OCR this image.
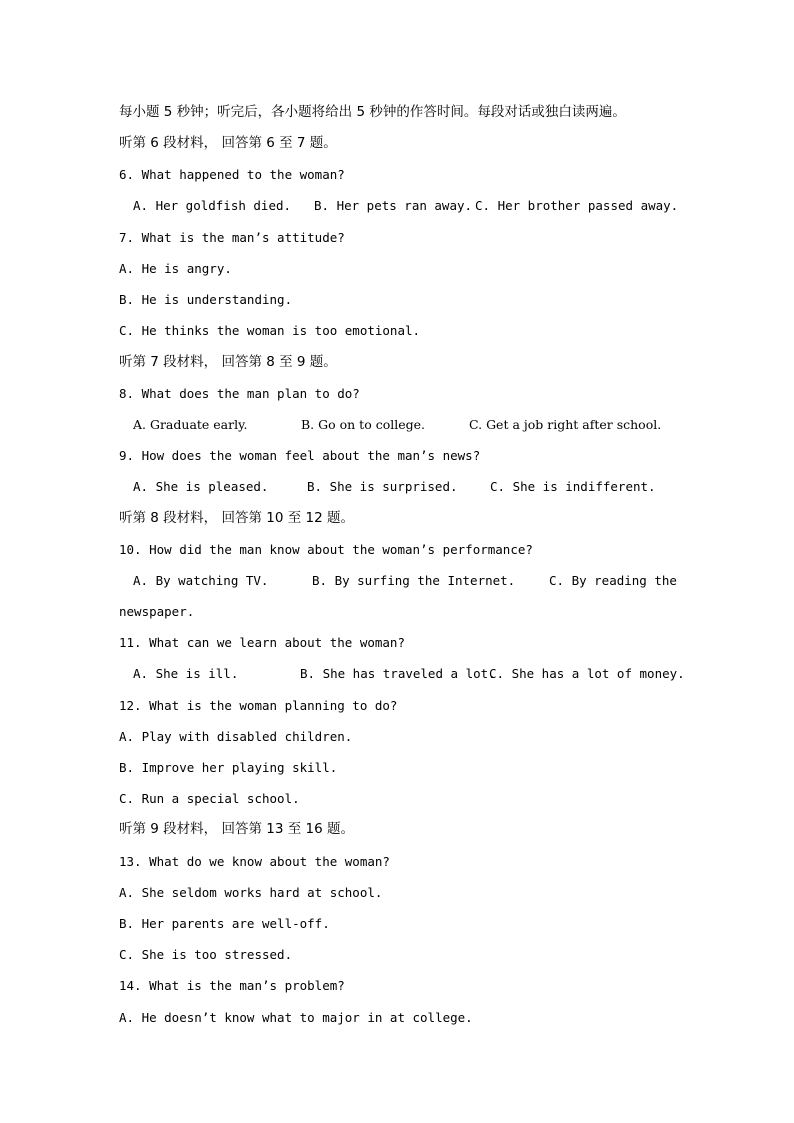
每小题 5 秒钟；听完后，各小题将给出 5 秒钟的作答时间。每段对话或独白读两遍。
听第 6 段材料， 回答第 6 至 7 题。
6. What happened to the woman?
A. Her goldfish died. B. Her pets ran away. C. Her brother passed away.
7. What is the man’s attitude?
A. He is angry.
B. He is understanding.
C. He thinks the woman is too emotional.
听第 7 段材料， 回答第 8 至 9 题。
8. What does the man plan to do?
A. Graduate early.	B. Go on to college.	C. Get a job right after school.
9. How does the woman feel about the man’s news?
A. She is pleased.	B. She is surprised.	C. She is indifferent.
听第 8 段材料， 回答第 10 至 12 题。
10. How did the man know about the woman’s performance?
A. By watching TV.	B. By surfing the Internet.	C. By reading the
newspaper.
11. What can we learn about the woman?
A. She is ill.	B. She has traveled a lot.
C. She has a lot of money.
12. What is the woman planning to do?
A. Play with disabled children.
B. Improve her playing skill.
C. Run a special school.
听第 9 段材料， 回答第 13 至 16 题。
13. What do we know about the woman?
A. She seldom works hard at school.
B. Her parents are well-off.
C. She is too stressed.
14. What is the man’s problem?
A. He doesn’t know what to major in at college.
